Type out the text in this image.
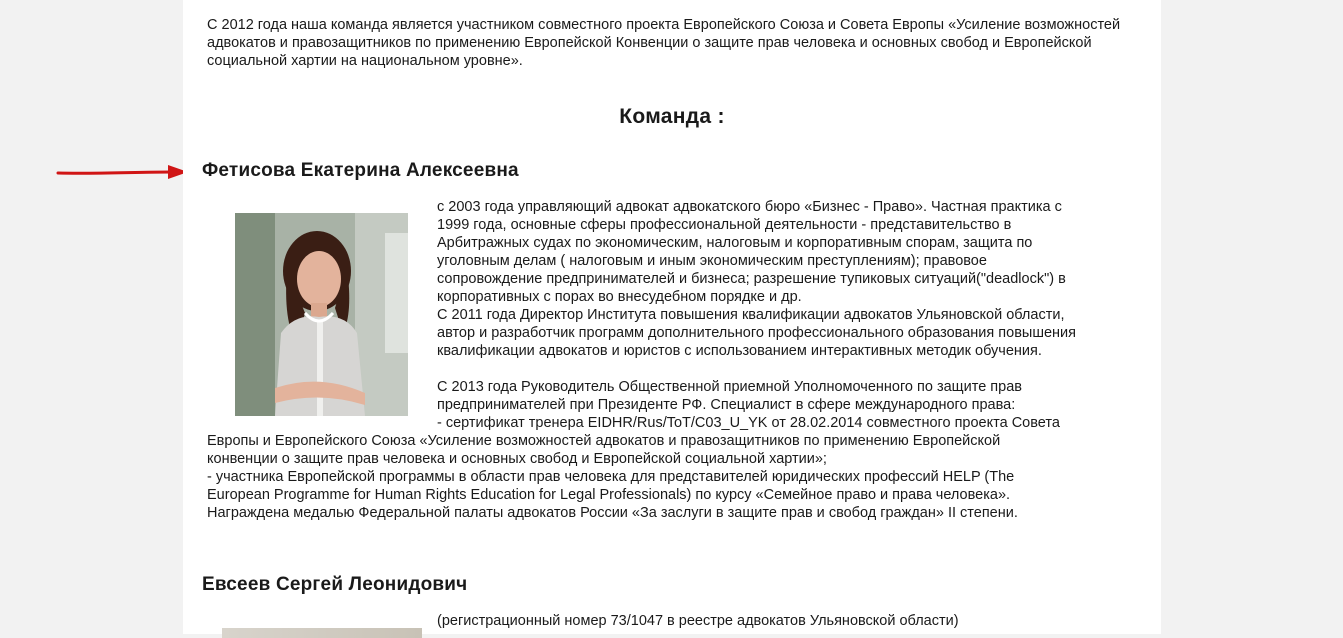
С 2012 года наша команда является участником совместного проекта Европейского Союза и Совета Европы «Усиление возможностей адвокатов и правозащитников по применению Европейской Конвенции о защите прав человека и основных свобод и Европейской социальной хартии на национальном уровне».

Команда :
Фетисова Екатерина Алексеевна
с 2003 года управляющий адвокат адвокатского бюро «Бизнес - Право». Частная практика с
1999 года, основные сферы профессиональной деятельности - представительство в
Арбитражных судах по экономическим, налоговым и корпоративным спорам, защита по
уголовным делам ( налоговым и иным экономическим преступлениям); правовое
сопровождение предпринимателей и бизнеса; разрешение тупиковых ситуаций("deadlock") в
корпоративных с порах во внесудебном порядке и др.
С 2011 года Директор Института повышения квалификации адвокатов Ульяновской области,
автор и разработчик программ дополнительного профессионального образования повышения
квалификации адвокатов и юристов с использованием интерактивных методик обучения.
С 2013 года Руководитель Общественной приемной Уполномоченного по защите прав
предпринимателей при Президенте РФ. Специалист в сфере международного права:
- сертификат тренера EIDHR/Rus/ToT/C03_U_YK от 28.02.2014 совместного проекта Совета
Европы и Европейского Союза «Усиление возможностей адвокатов и правозащитников по применению Европейской
конвенции о защите прав человека и основных свобод и Европейской социальной хартии»;
- участника Европейской программы в области прав человека для представителей юридических профессий HELP (The
European Programme for Human Rights Education for Legal Professionals) по курсу «Семейное право и права человека».
Награждена медалью Федеральной палаты адвокатов России «За заслуги в защите прав и свобод граждан» II степени.
Евсеев Сергей Леонидович
(регистрационный номер 73/1047 в реестре адвокатов Ульяновской области)
